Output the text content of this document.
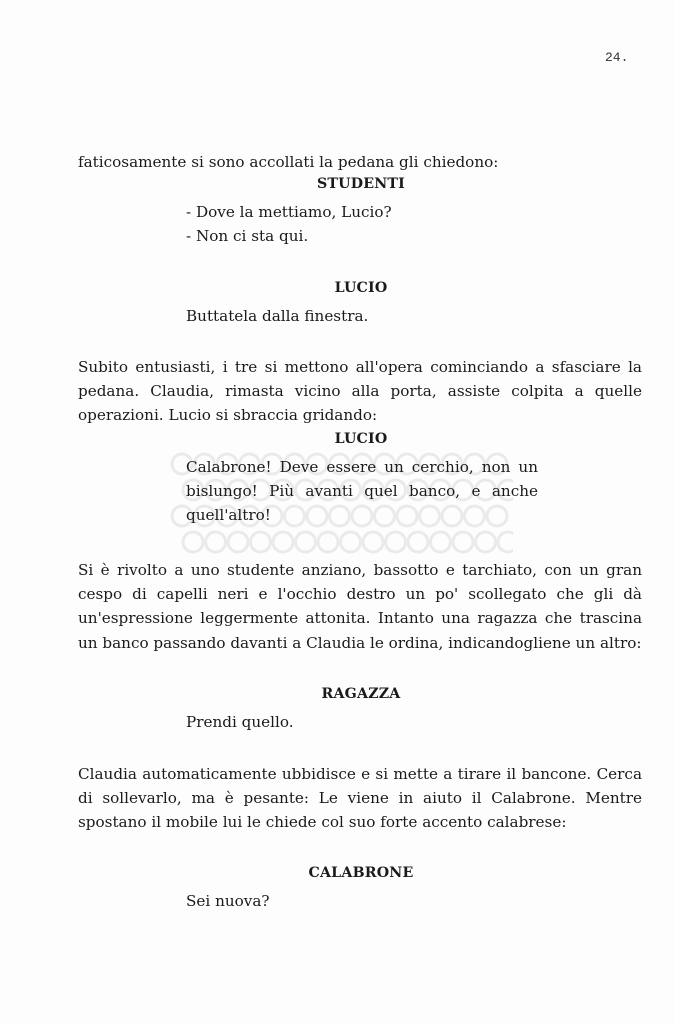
24.
faticosamente si sono accollati la pedana gli chiedono:
STUDENTI
- Dove la mettiamo, Lucio?
- Non ci sta qui.
LUCIO
Buttatela dalla finestra.
Subito entusiasti, i tre si mettono all'opera cominciando a sfasciare la pedana. Claudia, rimasta vicino alla porta, assiste colpita a quelle operazioni. Lucio si sbraccia gridando:
LUCIO
Calabrone! Deve essere un cerchio, non un bislungo! Più avanti quel banco, e anche quell'altro!
Si è rivolto a uno studente anziano, bassotto e tarchiato, con un gran cespo di capelli neri e l'occhio destro un po' scollegato che gli dà un'espressione leggermente attonita. Intanto una ragazza che trascina un banco passando davanti a Claudia le ordina, indicandogliene un altro:
RAGAZZA
Prendi quello.
Claudia automaticamente ubbidisce e si mette a tirare il bancone. Cerca di sollevarlo, ma è pesante: Le viene in aiuto il Calabrone. Mentre spostano il mobile lui le chiede col suo forte accento calabrese:
CALABRONE
Sei nuova?
